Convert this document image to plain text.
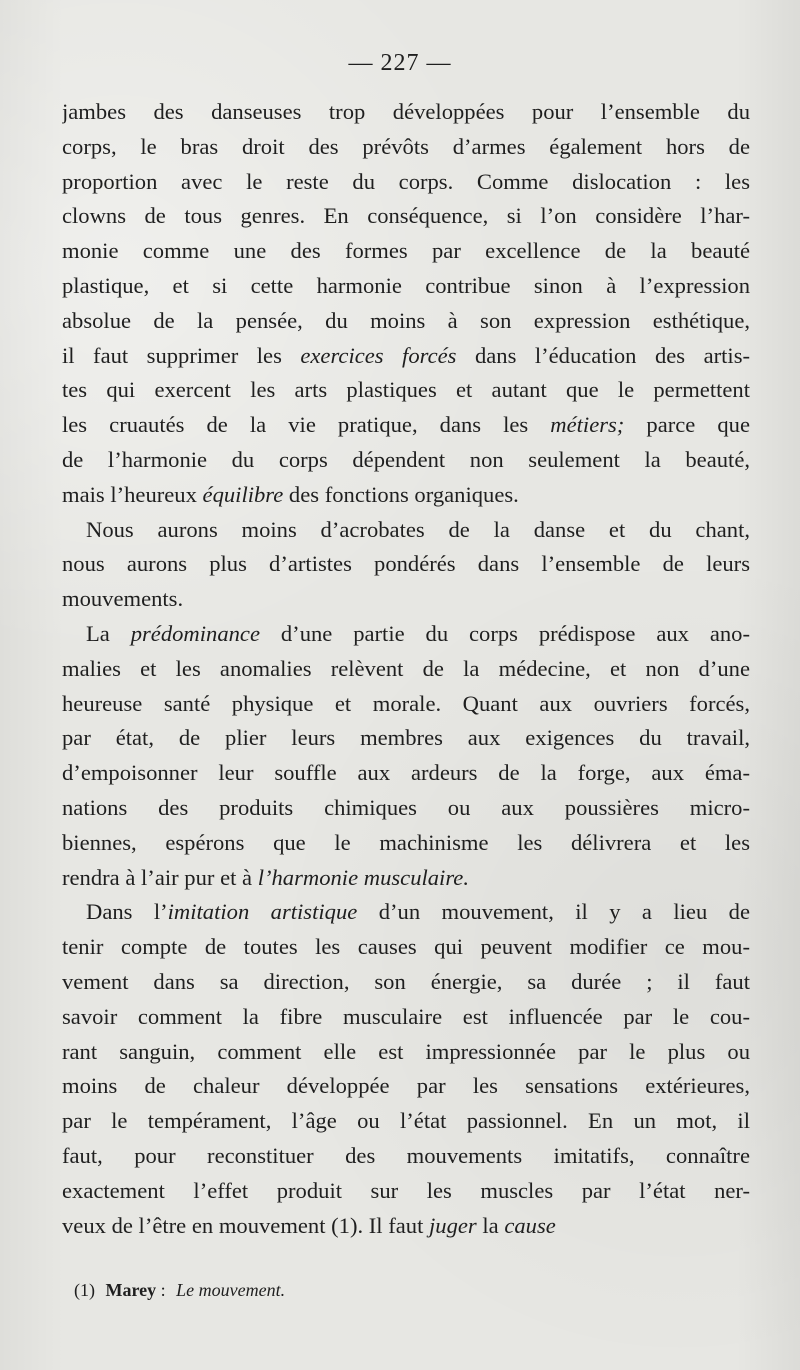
— 227 —
jambes des danseuses trop développées pour l’ensemble du
corps, le bras droit des prévôts d’armes également hors de
proportion avec le reste du corps. Comme dislocation : les
clowns de tous genres. En conséquence, si l’on considère l’har-
monie comme une des formes par excellence de la beauté
plastique, et si cette harmonie contribue sinon à l’expression
absolue de la pensée, du moins à son expression esthétique,
il faut supprimer les exercices forcés dans l’éducation des artis-
tes qui exercent les arts plastiques et autant que le permettent
les cruautés de la vie pratique, dans les métiers; parce que
de l’harmonie du corps dépendent non seulement la beauté,
mais l’heureux équilibre des fonctions organiques.
Nous aurons moins d’acrobates de la danse et du chant,
nous aurons plus d’artistes pondérés dans l’ensemble de leurs
mouvements.
La prédominance d’une partie du corps prédispose aux ano-
malies et les anomalies relèvent de la médecine, et non d’une
heureuse santé physique et morale. Quant aux ouvriers forcés,
par état, de plier leurs membres aux exigences du travail,
d’empoisonner leur souffle aux ardeurs de la forge, aux éma-
nations des produits chimiques ou aux poussières micro-
biennes, espérons que le machinisme les délivrera et les
rendra à l’air pur et à l’harmonie musculaire.
Dans l’imitation artistique d’un mouvement, il y a lieu de
tenir compte de toutes les causes qui peuvent modifier ce mou-
vement dans sa direction, son énergie, sa durée ; il faut
savoir comment la fibre musculaire est influencée par le cou-
rant sanguin, comment elle est impressionnée par le plus ou
moins de chaleur développée par les sensations extérieures,
par le tempérament, l’âge ou l’état passionnel. En un mot, il
faut, pour reconstituer des mouvements imitatifs, connaître
exactement l’effet produit sur les muscles par l’état ner-
veux de l’être en mouvement (1). Il faut juger la cause
(1) Marey : Le mouvement.
